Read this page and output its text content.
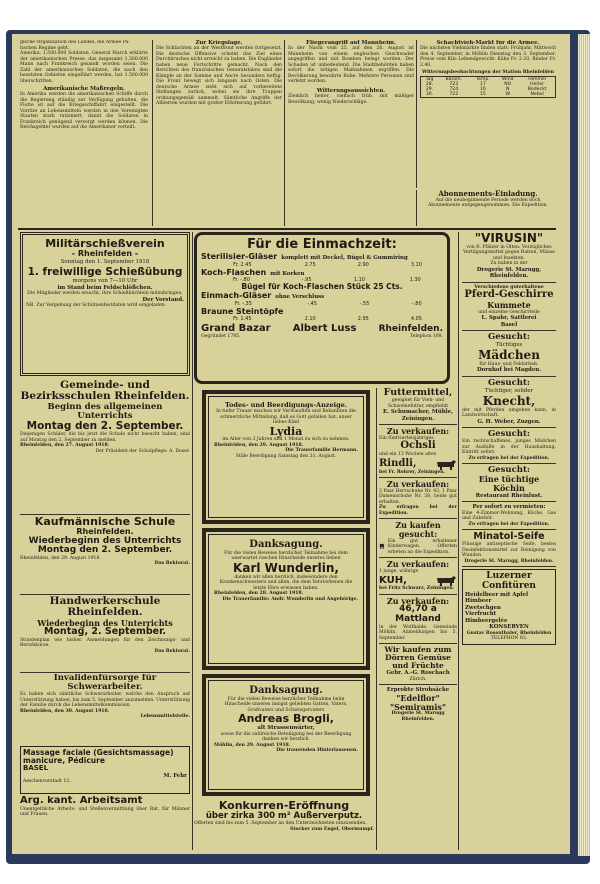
gische Organisation des Landes, die Armee Pa-

tischen Regime gebt.

Amerika. 1.500.000 Soldaten. General March erklärte der amerikanischen Presse, das insgesamt 1.500.000 Mann nach Frankreich gesandt worden seien. Die Zahl der amerikanischen Soldaten, die nach den besetzten Gebieten eingeführt werden, hat 1.500.000 überschritten.

Amerikanische Maßregeln.

In Amerika werden die amerikanischen Schiffe durch die Regierung ständig zur Verfügung gehalten, die Flotte ist auf die Kriegsschiffahrt eingestellt. Die Vorräte an Lebensmitteln werden in den Vereinigten Staaten stark rationiert, damit die Soldaten in Frankreich genügend versorgt werden können. Die Reichsgelder wurden auf die Amerikaner verteilt.

Zur Kriegslage.

Die Schlachten an der Westfront werden fortgesetzt. Die deutsche Offensive scheint das Ziel eines Durchbruches nicht erreicht zu haben. Die Engländer haben neue Fortschritte gemacht. Nach den Berichten des französischen Generalstabes sind die Kämpfe an der Somme und Ancre besonders heftig. Die Front bewegt sich langsam nach Osten. Die deutsche Armee zieht sich auf vorbereitete Stellungen zurück, wobei sie ihre Truppen ordnungsgemäß sammelt. Sämtliche Angriffe der Alliierten wurden mit großer Erbitterung geführt.

Fliegerangriff auf Mannheim.

In der Nacht vom 25. auf den 26. August ist Mannheim von einem englischen Geschwader angegriffen und mit Bomben belegt worden. Der Schaden ist unbedeutend. Die Stadtbehörden haben sofort die nötigen Maßnahmen ergriffen. Die Bevölkerung bewahrte Ruhe. Mehrere Personen sind verletzt worden.

Witterungsaussichten.

Ziemlich heiter, vielfach trüb, mit mäßiger Bewölkung; wenig Niederschläge.

Schachtvieh-Markt für die Armee.

Die nächsten Viehmärkte finden statt: Frühjahr, Mittwoch den 4. September, in Möhlin Dienstag den 3. September. Preise vom Kilo Lebendgewicht: Kühe Fr. 2.20, Rinder Fr. 2.40.

Witterungsbeobachtungen der Station Rheinfelden

Tag	Barom.	Temp.	Wind	Himmel
28.	723	17	NO	Heiter
29.	724	16	N	Bedeckt
30.	722	15	W	Nebel

Abonnements-Einladung.

Auf die neubeginnende Periode werden noch Abonnemente entgegengenommen. Die Expedition.

Militärschießverein

- Rheinfelden -

Sonntag den 1. September 1918

1. freiwillige Schießübung

morgens von 7—10 Uhr

im Stand beim Feldschlößchen.

Die Mitglieder werden ersucht, ihre Schießbüchlein mitzubringen.

Der Vorstand.

NB. Zur Vergebung der Schützenfestdaten wird eingeladen.

Gemeinde- und Bezirksschulen Rheinfelden.

Beginn des allgemeinen Unterrichts

Montag den 2. September.

Diejenigen Schüler, die bis jetzt die Schule nicht besucht haben, sind auf Montag den 2. September zu melden.

Rheinfelden, den 27. August 1918.

Der Präsident der Schulpflege: A. Doser.

Kaufmännische Schule

Rheinfelden.

Wiederbeginn des Unterrichts

Montag den 2. September.

Rheinfelden, den 29. August 1918.

Das Rektorat.

Handwerkerschule Rheinfelden.

Wiederbeginn des Unterrichts

Montag, 2. September.

Stundenplan wie bisher. Anmeldungen für den Zeichnungs- und Berufskurse.

Das Rektorat.

Invalidenfürsorge für Schwerarbeiter.

Es haben sich sämtliche Schwerarbeiter, welche den Anspruch auf Unterstützung haben, bis zum 5. September anzumelden. Unterstützung der Familie durch die Lebensmittelkommission.

Rheinfelden, den 30. August 1918.

Lebensmittelstelle.

Massage faciale (Gesichtsmassage) manicure, Pédicure

BASEL

M. Fehr

Aeschenvorstadt 12.

Arg. kant. Arbeitsamt

Unentgeltliche Arbeits- und Stellenvermittlung über Rat, für Männer und Frauen.

Für die Einmachzeit:

Sterilisier-Gläser komplett mit Deckel, Bügel & Gummiring
Fr. 2.45	2.75	2.90	3.10
Koch-Flaschen mit Korken
Fr. -.80	-.95	1.10	1.30

Bügel für Koch-Flaschen Stück 25 Cts.

Einmach-Gläser ohne Verschluss
Fr. -.35	-.45	-.55	-.80
Braune Steintöpfe
Fr. 1.45	2.10	2.95	4.05
Grand Bazar Albert Luss Rheinfelden.
Gegründet 1785.	Telephon 108.

Todes- und Beerdigungs-Anzeige.

In tiefer Trauer machen wir Verwandten und Bekannten die schmerzliche Mitteilung, daß es Gott gefallen hat, unser liebes Kind

Lydia

im Alter von 3 Jahren und 1 Monat zu sich zu nehmen.

Rheinfelden, den 29. August 1918.

Die Trauerfamilie Hermann.

Stille Beerdigung Samstag den 31. August.

Danksagung.

Für die vielen Beweise herzlicher Teilnahme bei dem unerwartet raschen Hinscheide unseres lieben

Karl Wunderlin,

danken wir allen herzlich, insbesondere den Krankenschwestern und allen, die dem Verstorbenen die letzte Ehre erwiesen haben.

Rheinfelden, den 28. August 1918.

Die Trauerfamilie: Andr. Wunderlin und Angehörige.

Danksagung.

Für die vielen Beweise herzlicher Teilnahme beim Hinscheide unseres innigst geliebten Gatten, Vaters, Großvaters und Schwiegervaters

Andreas Brogli,

alt Strassenwärter,

sowie für die zahlreiche Beteiligung bei der Beerdigung danken wir herzlich.

Möhlin, den 29. August 1918.

Die trauernden Hinterlassenen.

Konkurren-Eröffnung

über zirka 300 m² Außerverputz.

Offerten sind bis zum 5. September an den Unterzeichneten einzusenden.

Stocker zum Engel, Obermumpf.

Futtermittel,

geeignet für Vieh- und Schweinefutter, empfiehlt

E. Schumacher, Mühle, Zeiningen.

Zu verkaufen:

Ein fünfviertelsjähriges

Ochsli

und ein 13 Wochen altes

Rindli,

bei Fr. Rohrer, Zeiningen.

Zu verkaufen:

2 Paar Herrschuhe Nr. 43, 1 Paar Damenschuhe Nr. 38, beide gut erhalten.

Zu erfragen bei der Expedition.

Zu kaufen gesucht:

Ein gut erhaltener Kinderwagen. Offerten erbeten an die Expedition.

Zu verkaufen:

1 junge, währige

KUH,

bei Fritz Schwarz, Zeiningen.

Zu verkaufen:

46,70 a Mattland

in der Wolfhalde, Gemeinde Möhlin. Anmeldungen bis 5. September.

Wir kaufen zum Dörren Gemüse und Früchte

Gebr. A.-G. Roschach

Zürich.

Erprobte Strohsäcke

"Edelflor"

"Semiramis"

Drogerie St. Marugg Rheinfelden.

"VIRUSIN"

von R. Pfälzer in Olten. Vorzügliches Vertilgungsmittel gegen Ratten, Mäuse und Insekten.

Zu haben in der

Drogerie St. Marugg, Rheinfelden.

Verschiedene guterhaltene

Pferd-Geschirre

Kummete

und einzelne Geschirrteile

L. Spahr, Sattlerei

Basel

Gesucht:

Tüchtiges

Mädchen

für Haus- und Feldarbeit.

Dornhof bei Magden.

Gesucht:

Tüchtiger, solider

Knecht,

der mit Pferden umgehen kann, in Landwirtschaft.

G. H. Weber, Zuzgen.

Gesucht:

Ein rechtschaffenes, junges Mädchen zur Aushilfe in der Haushaltung. Eintritt sofort.

Zu erfragen bei der Expedition.

Gesucht:

Eine tüchtige Köchin

Restaurant Rheinlust.

Per sofort zu vermieten:

Eine 4-Zimmer-Wohnung, Küche, Gas und Zubehör.

Zu erfragen bei der Expedition.

Minatol-Seife

Flüssige antiseptische Seife, bestes Desinfektionsmittel zur Reinigung von Wunden.

Drogerie St. Marugg, Rheinfelden.

Luzerner Confitüren

Heidelbeer mit Apfel

Himbeer

Zwetschgen

Vierfrucht

Himbeergelée

KONSERVEN

Gustav Rosenthaler, Rheinfelden

TELEPHON 83.
